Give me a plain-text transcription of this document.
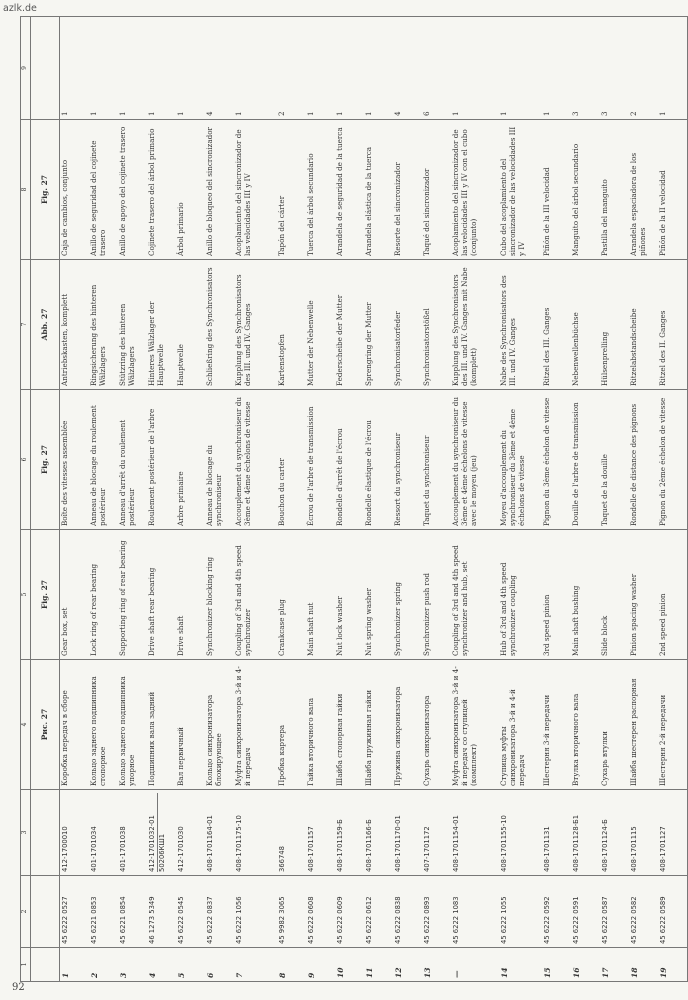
azlk.de
92
1	2	3	4	5	6	7	8	9
			Рис. 27	Fig. 27	Fig. 27	Abb. 27	Fig. 27	
1	45 6222 0527	412-1700010	Коробка передач в сборе	Gear box, set	Boîte des vitesses assemblée	Antriebskasten, komplett	Caja de cambios, conjunto	1
2	45 6221 0853	401-1701034	Кольцо заднего подшипника стопорное	Lock ring of rear bearing	Anneau de blocage du roulement postérieur	Ringsicherung des hinteren Wälzlagers	Anillo de seguridad del cojinete trasero	1
3	45 6221 0854	401-1701038	Кольцо заднего подшипника упорное	Supporting ring of rear bearing	Anneau d'arrêt du roulement postérieur	Stützring des hinteren Wälzlagers	Anillo de apoyo del cojinete trasero	1
4	46 1273 5349	412-1701032-01 50206КШ1	Подшипник вала задний	Drive shaft rear bearing	Roulement postérieur de l'arbre	Hinteres Wälzlager der Hauptwelle	Cojinete trasero del árbol primario	1
5	45 6222 0545	412-1701030	Вал первичный	Drive shaft	Arbre primaire	Hauptwelle	Árbol primario	1
6	45 6222 0837	408-1701164-01	Кольцо синхронизатора блокирующее	Synchronizer blocking ring	Anneau de blocage du synchroniseur	Schließring des Synchronisators	Anillo de bloqueo del sincronizador	4
7	45 6222 1056	408-1701175-10	Муфта синхронизатора 3-й и 4-й передач	Coupling of 3rd and 4th speed synchronizer	Accouplement du synchroniseur du 3ème et 4ème échelons de vitesse	Kupplung des Synchronisators des III. und IV. Ganges	Acoplamiento del sincronizador de las velocidades III y IV	1
8	45 9982 3065	366748	Пробка картера	Crankcase plug	Bouchon du carter	Kartenstopfen	Tapón del cárter	2
9	45 6222 0608	408-1701157	Гайка вторичного вала	Main shaft nut	Écrou de l'arbre de transmission	Mutter der Nebenwelle	Tuerca del árbol secundario	1
10	45 6222 0609	408-1701159-Б	Шайба стопорная гайки	Nut lock washer	Rondelle d'arrêt de l'écrou	Federscheibe der Mutter	Arandela de seguridad de la tuerca	1
11	45 6222 0612	408-1701166-Б	Шайба пружинная гайки	Nut spring washer	Rondelle élastique de l'écrou	Sprengring der Mutter	Arandela elástica de la tuerca	1
12	45 6222 0838	408-1701170-01	Пружина синхронизатора	Synchronizer spring	Ressort du synchroniseur	Synchronisatorfeder	Resorte del sincronizador	4
13	45 6222 0893	407-1701172	Сухарь синхронизатора	Synchronizer push rod	Taquet du synchroniseur	Synchronisatorstößel	Taqué del sincronizador	6
—	45 6222 1083	408-1701154-01	Муфта синхронизатора 3-й и 4-й передач со ступицей (комплект)	Coupling of 3rd and 4th speed synchronizer and hub, set	Accouplement du synchroniseur du 3ème et 4ème échelons de vitesse avec le moyeu (jeu)	Kupplung des Synchronisators des III. und IV. Ganges mit Nabe (komplett)	Acoplamiento del sincronizador de las velocidades III y IV con el cubo (conjunto)	1
14	45 6222 1055	408-1701155-10	Ступица муфты синхронизатора 3-й и 4-й передач	Hub of 3rd and 4th speed synchronizer coupling	Moyeu d'accouplement du synchroniseur du 3ème et 4ème échelons de vitesse	Nabe des Synchronisators des III. und IV. Ganges	Cubo del acoplamiento del sincronizador de las velocidades III y IV	1
15	45 6222 0592	408-1701131	Шестерня 3-й передачи	3rd speed pinion	Pignon du 3ème échelon de vitesse	Ritzel des III. Ganges	Piñón de la III velocidad	1
16	45 6222 0591	408-1701128-Б1	Втулка вторичного вала	Main shaft bushing	Douille de l'arbre de transmission	Nebenwellenbüchse	Manguito del árbol secundario	3
17	45 6222 0587	408-1701124-Б	Сухарь втулки	Slide block	Taquet de la douille	Hülsenprelling	Pastilla del manguito	3
18	45 6222 0582	408-1701115	Шайба шестерен распорная	Pinion spacing washer	Rondelle de distance des pignons	Ritzelabstandscheibe	Arandela espaciadora de los piñones	2
19	45 6222 0589	408-1701127	Шестерня 2-й передачи	2nd speed pinion	Pignon du 2ème échelon de vitesse	Ritzel des II. Ganges	Piñón de la II velocidad	1
